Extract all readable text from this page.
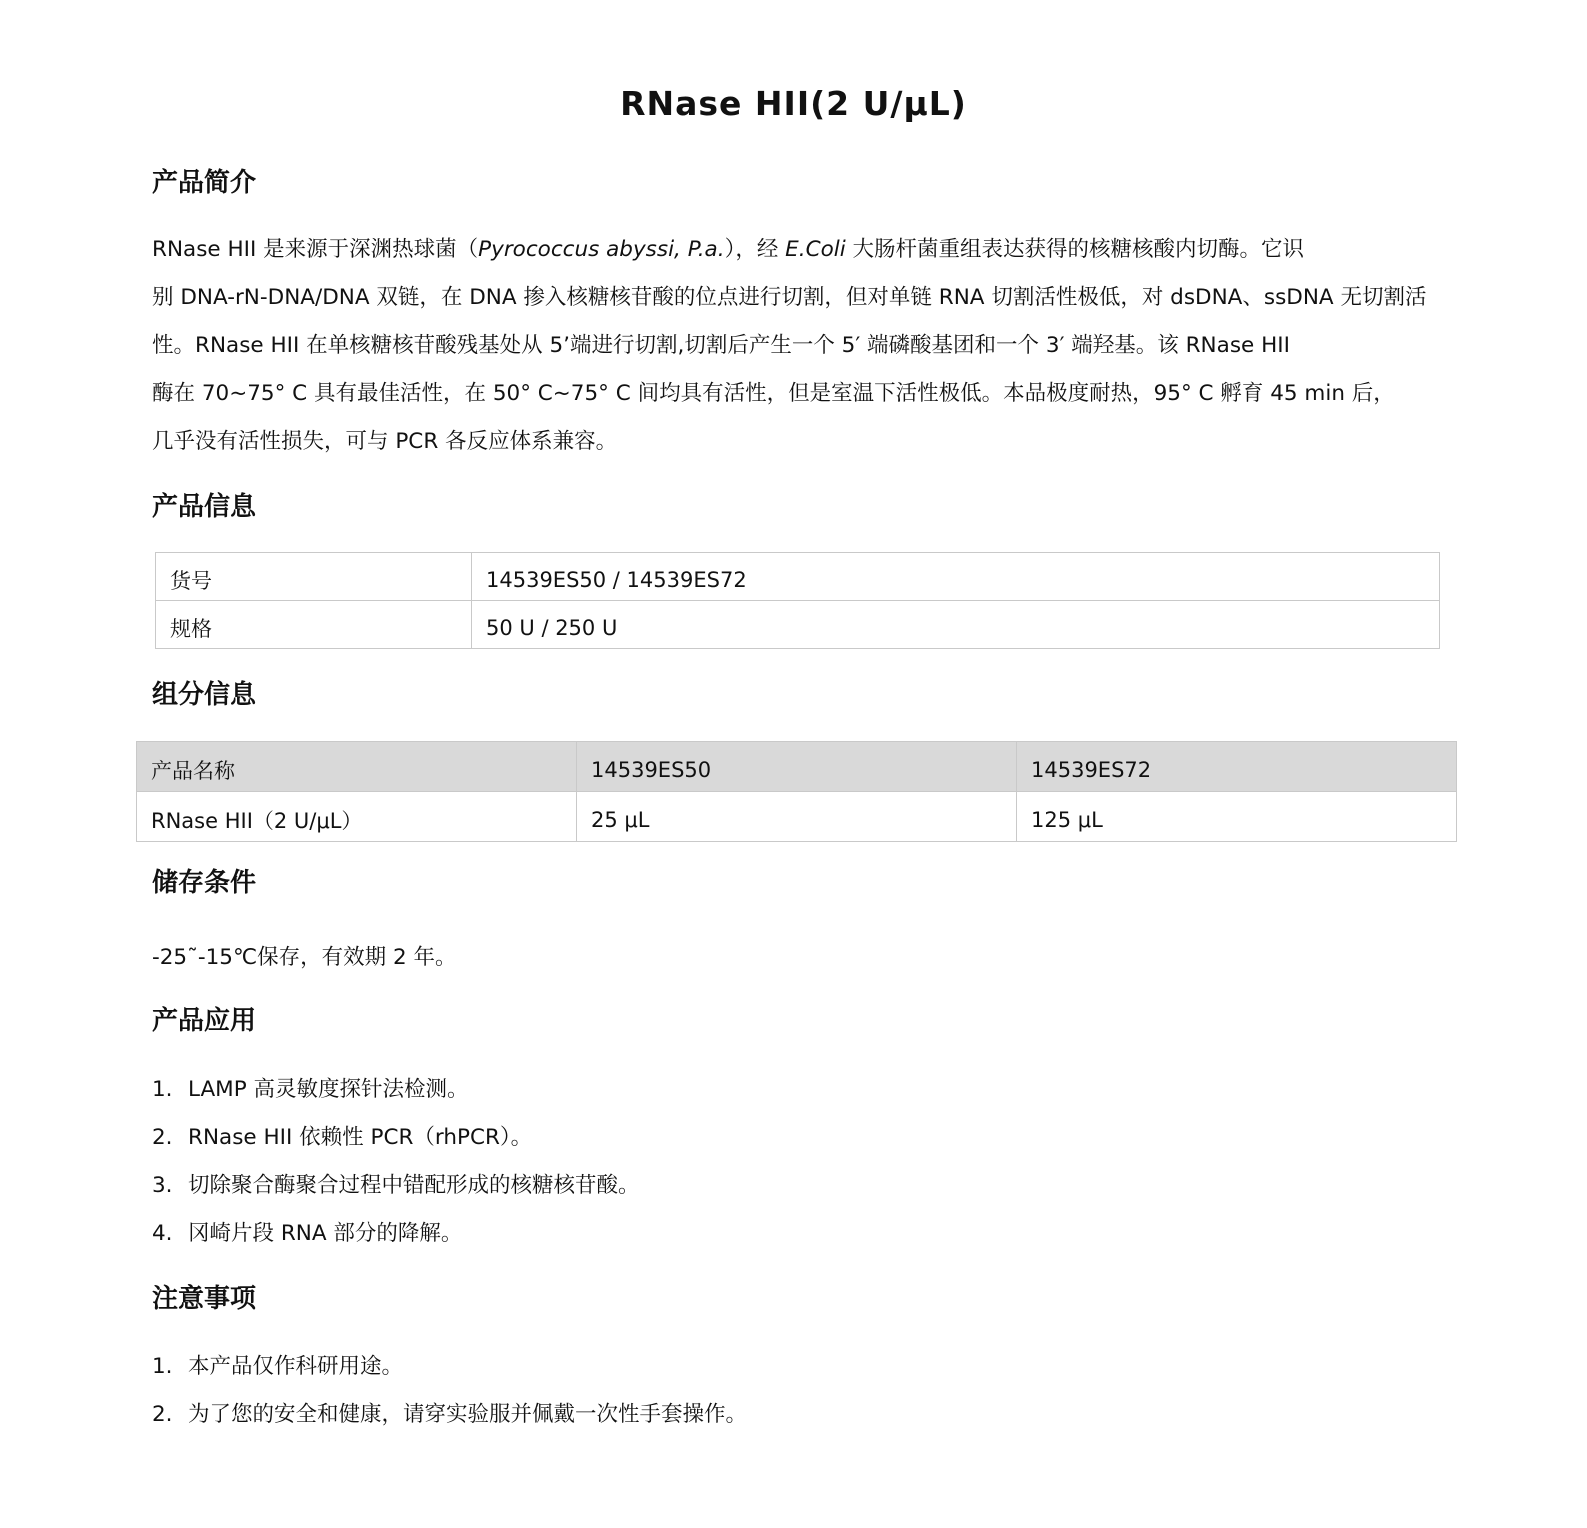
RNase HII(2 U/μL)
产品简介

RNase HII 是来源于深渊热球菌（Pyrococcus abyssi, P.a.），经 E.Coli 大肠杆菌重组表达获得的核糖核酸内切酶。它识

别 DNA-rN-DNA/DNA 双链，在 DNA 掺入核糖核苷酸的位点进行切割，但对单链 RNA 切割活性极低，对 dsDNA、ssDNA 无切割活

性。RNase HII 在单核糖核苷酸残基处从 5’端进行切割,切割后产生一个 5′ 端磷酸基团和一个 3′ 端羟基。该 RNase HII

酶在 70~75° C 具有最佳活性，在 50° C~75° C 间均具有活性，但是室温下活性极低。本品极度耐热，95° C 孵育 45 min 后，

几乎没有活性损失，可与 PCR 各反应体系兼容。

产品信息
货号	14539ES50 / 14539ES72
规格	50 U / 250 U
组分信息
产品名称	14539ES50	14539ES72
RNase HII（2 U/μL）	25 μL	125 μL
储存条件
-25˜-15℃保存，有效期 2 年。
产品应用
1. LAMP 高灵敏度探针法检测。
2. RNase HII 依赖性 PCR（rhPCR）。
3. 切除聚合酶聚合过程中错配形成的核糖核苷酸。
4. 冈崎片段 RNA 部分的降解。
注意事项
1. 本产品仅作科研用途。
2. 为了您的安全和健康，请穿实验服并佩戴一次性手套操作。
